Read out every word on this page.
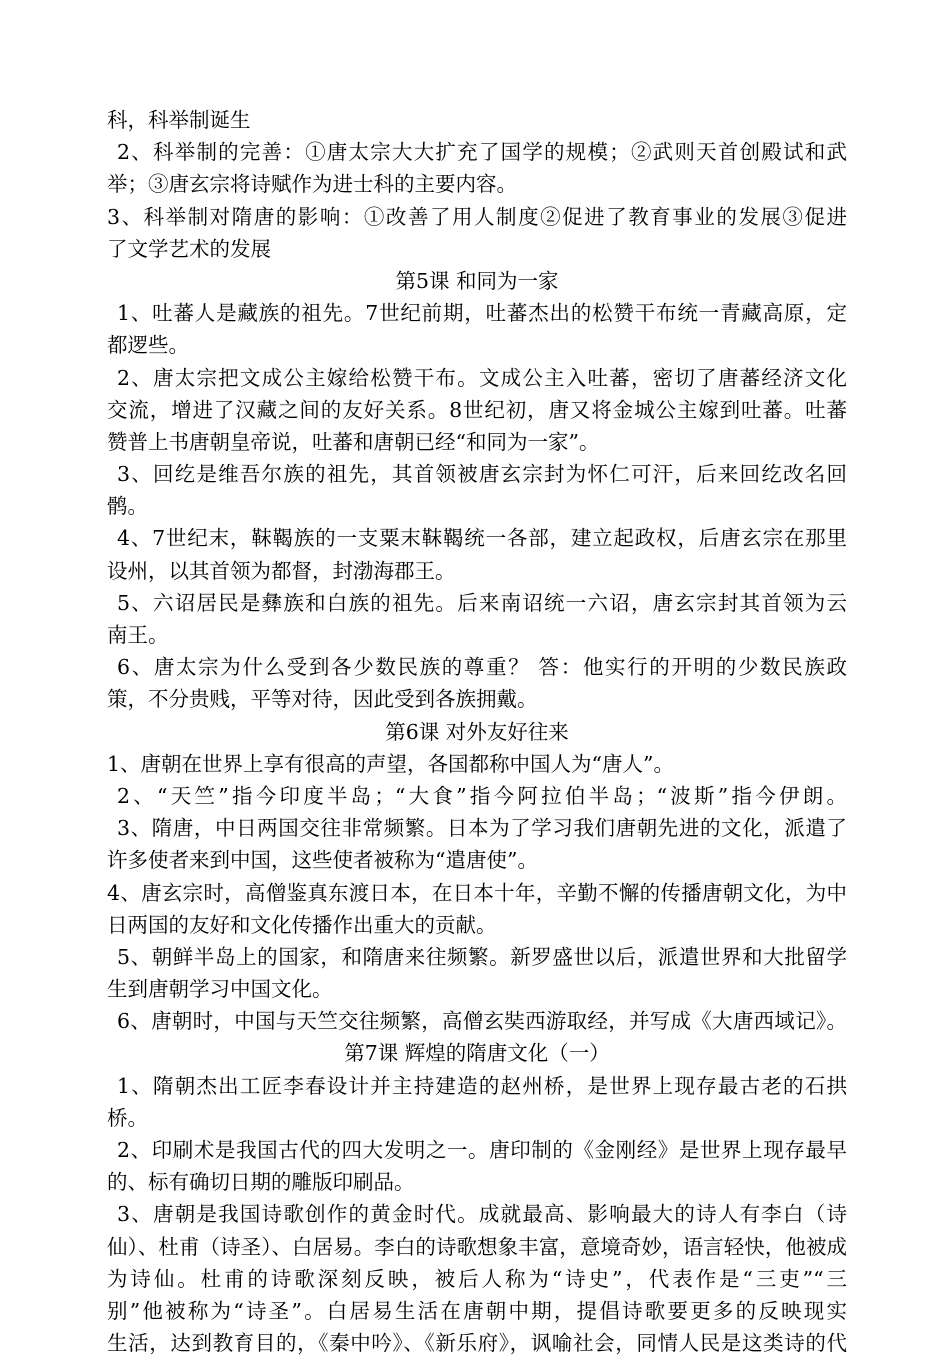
科，科举制诞生
2、科举制的完善：①唐太宗大大扩充了国学的规模；②武则天首创殿试和武
举；③唐玄宗将诗赋作为进士科的主要内容。
3、科举制对隋唐的影响：①改善了用人制度②促进了教育事业的发展③促进
了文学艺术的发展
第5课 和同为一家
1、吐蕃人是藏族的祖先。7世纪前期，吐蕃杰出的松赞干布统一青藏高原，定
都逻些。
2、唐太宗把文成公主嫁给松赞干布。文成公主入吐蕃，密切了唐蕃经济文化
交流，增进了汉藏之间的友好关系。8世纪初，唐又将金城公主嫁到吐蕃。吐蕃
赞普上书唐朝皇帝说，吐蕃和唐朝已经“和同为一家”。
3、回纥是维吾尔族的祖先，其首领被唐玄宗封为怀仁可汗，后来回纥改名回
鹘。
4、7世纪末，靺鞨族的一支粟末靺鞨统一各部，建立起政权，后唐玄宗在那里
设州，以其首领为都督，封渤海郡王。
5、六诏居民是彝族和白族的祖先。后来南诏统一六诏，唐玄宗封其首领为云
南王。
6、唐太宗为什么受到各少数民族的尊重？ 答：他实行的开明的少数民族政
策，不分贵贱，平等对待，因此受到各族拥戴。
第6课 对外友好往来
1、唐朝在世界上享有很高的声望，各国都称中国人为“唐人”。
2、“天竺”指今印度半岛；“大食”指今阿拉伯半岛；“波斯”指今伊朗。
3、隋唐，中日两国交往非常频繁。日本为了学习我们唐朝先进的文化，派遣了
许多使者来到中国，这些使者被称为“遣唐使”。
4、唐玄宗时，高僧鉴真东渡日本，在日本十年，辛勤不懈的传播唐朝文化，为中
日两国的友好和文化传播作出重大的贡献。
5、朝鲜半岛上的国家，和隋唐来往频繁。新罗盛世以后，派遣世界和大批留学
生到唐朝学习中国文化。
6、唐朝时，中国与天竺交往频繁，高僧玄奘西游取经，并写成《大唐西域记》。
第7课 辉煌的隋唐文化（一）
1、隋朝杰出工匠李春设计并主持建造的赵州桥，是世界上现存最古老的石拱
桥。
2、印刷术是我国古代的四大发明之一。唐印制的《金刚经》是世界上现存最早
的、标有确切日期的雕版印刷品。
3、唐朝是我国诗歌创作的黄金时代。成就最高、影响最大的诗人有李白（诗
仙）、杜甫（诗圣）、白居易。李白的诗歌想象丰富，意境奇妙，语言轻快，他被成
为诗仙。杜甫的诗歌深刻反映，被后人称为“诗史”，代表作是“三吏”“三
别”他被称为“诗圣”。白居易生活在唐朝中期，提倡诗歌要更多的反映现实
生活，达到教育目的，《秦中吟》、《新乐府》，讽喻社会，同情人民是这类诗的代
